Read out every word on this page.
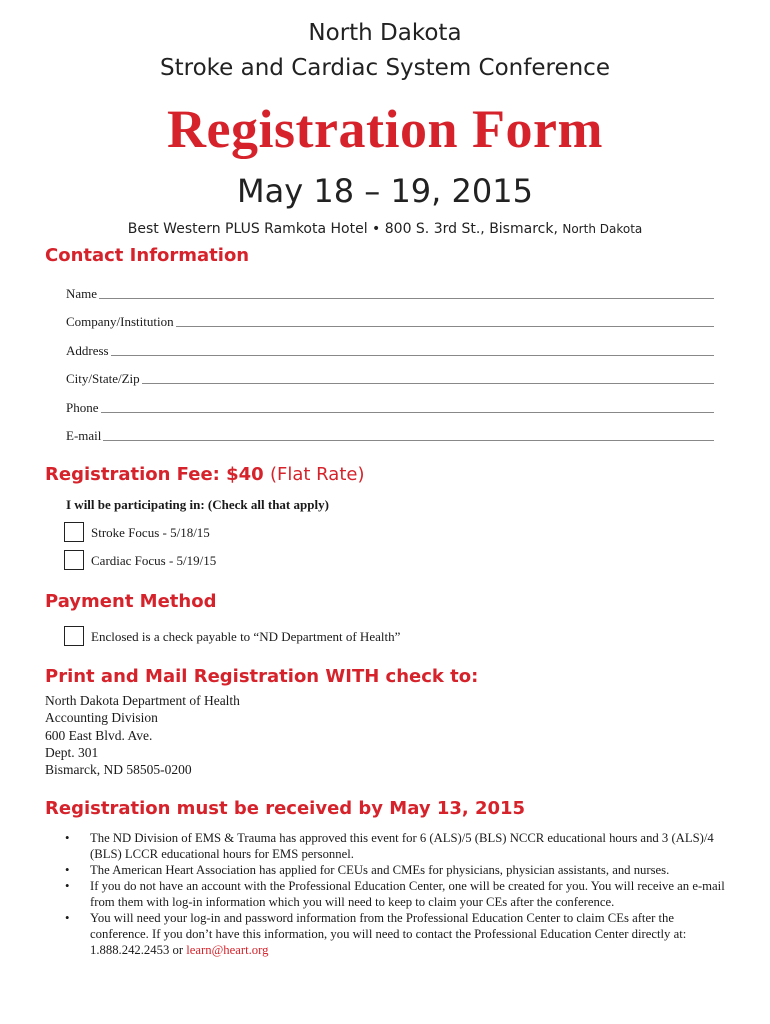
North Dakota
Stroke and Cardiac System Conference
Registration Form
May 18 – 19, 2015
Best Western PLUS Ramkota Hotel • 800 S. 3rd St., Bismarck, North Dakota
Contact Information
Name
Company/Institution
Address
City/State/Zip
Phone
E-mail
Registration Fee: $40 (Flat Rate)
I will be participating in: (Check all that apply)
Stroke Focus - 5/18/15
Cardiac Focus - 5/19/15
Payment Method
Enclosed is a check payable to “ND Department of Health”
Print and Mail Registration WITH check to:
North Dakota Department of Health
Accounting Division
600 East Blvd. Ave.
Dept. 301
Bismarck, ND 58505-0200
Registration must be received by May 13, 2015
• The ND Division of EMS & Trauma has approved this event for 6 (ALS)/5 (BLS) NCCR educational hours and 3 (ALS)/4 (BLS) LCCR educational hours for EMS personnel.
• The American Heart Association has applied for CEUs and CMEs for physicians, physician assistants, and nurses.
• If you do not have an account with the Professional Education Center, one will be created for you. You will receive an e-mail from them with log-in information which you will need to keep to claim your CEs after the conference.
• You will need your log-in and password information from the Professional Education Center to claim CEs after the conference. If you don’t have this information, you will need to contact the Professional Education Center directly at: 1.888.242.2453 or learn@heart.org
